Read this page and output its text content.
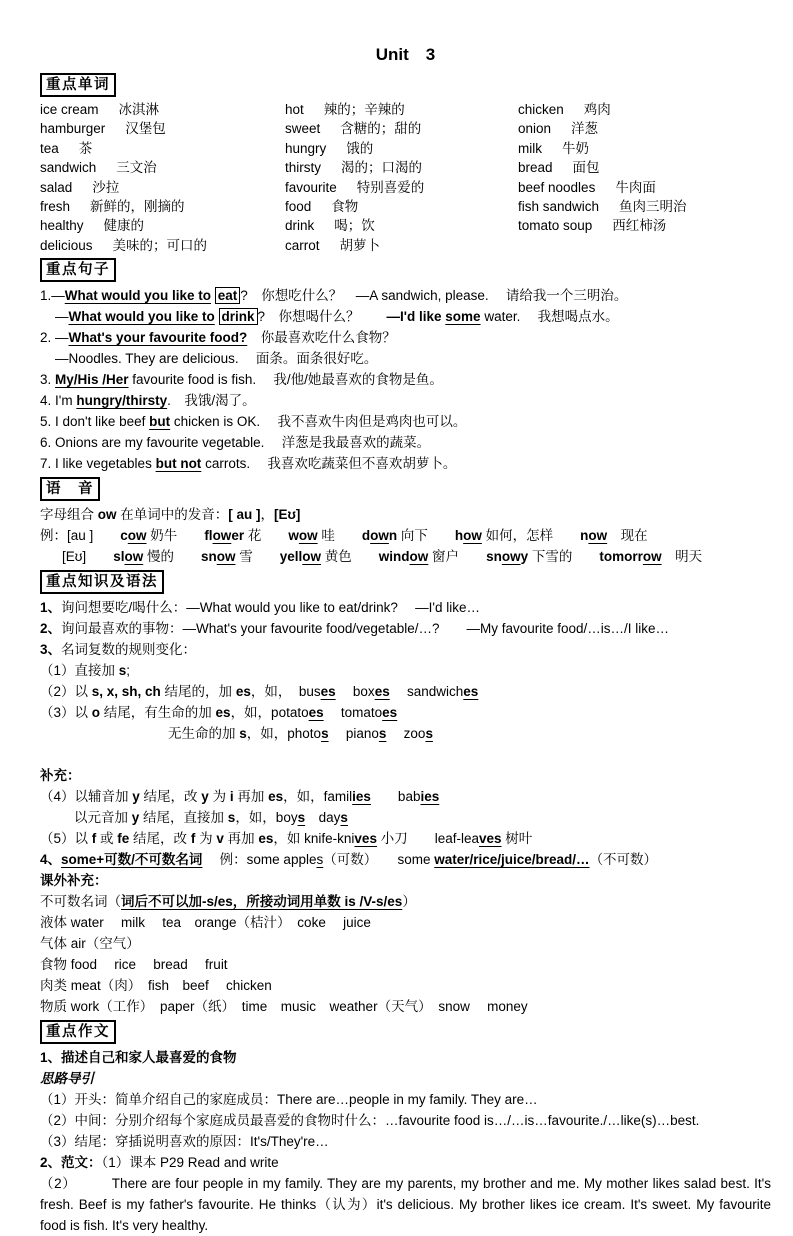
Unit　3
重点单词
ice cream 冰淇淋
hamburger 汉堡包
tea 茶
sandwich 三文治
salad 沙拉
fresh 新鲜的，刚摘的
healthy 健康的
delicious 美味的；可口的
hot 辣的；辛辣的
sweet 含糖的；甜的
hungry 饿的
thirsty 渴的；口渴的
favourite 特别喜爱的
food 食物
drink 喝；饮
carrot 胡萝卜
chicken 鸡肉
onion 洋葱
milk 牛奶
bread 面包
beef noodles 牛肉面
fish sandwich 鱼肉三明治
tomato soup 西红柿汤
重点句子
1.—What would you like to eat ?　你想吃什么？　—A sandwich, please.　 请给我一个三明治。
—What would you like to drink ?　你想喝什么？　　—I'd like some water.　 我想喝点水。
2. —What's your favourite food?　你最喜欢吃什么食物？
—Noodles. They are delicious.　 面条。面条很好吃。
3. My/His /Her favourite food is fish.　 我/他/她最喜欢的食物是鱼。
4. I'm hungry/thirsty.　我饿/渴了。
5. I don't like beef but chicken is OK.　 我不喜欢牛肉但是鸡肉也可以。
6. Onions are my favourite vegetable.　 洋葱是我最喜欢的蔬菜。
7. I like vegetables but not carrots.　 我喜欢吃蔬菜但不喜欢胡萝卜。
语　音
字母组合 ow 在单词中的发音：[ au ]，[Eʊ]
例：[au ]　　cow 奶牛　　flower 花　　wow 哇　　down 向下　　how 如何，怎样　　now　现在
[Eʊ]　　slow 慢的　　snow 雪　　yellow 黄色　　window 窗户　　snowy 下雪的　　tomorrow　明天
重点知识及语法
1、询问想要吃/喝什么：—What would you like to eat/drink?　 —I'd like…
2、询问最喜欢的事物：—What's your favourite food/vegetable/…?　　—My favourite food/…is…/I like…
3、名词复数的规则变化：
（1）直接加 s;
（2）以 s, x, sh, ch 结尾的，加 es，如，  buses　 boxes　 sandwiches
（3）以 o 结尾，有生命的加 es，如，potatoes　 tomatoes
无生命的加 s，如，photos　 pianos　 zoos
补充：
（4）以辅音加 y 结尾，改 y 为 i 再加 es，如，families　　babies
以元音加 y 结尾，直接加 s，如，boys　days
（5）以 f 或 fe 结尾，改 f 为 v 再加 es，如 knife-knives 小刀　　leaf-leaves 树叶
4、some+可数/不可数名词　 例：some apples（可数）　　some water/rice/juice/bread/…（不可数）
课外补充：
不可数名词（词后不可以加-s/es，所接动词用单数 is /V-s/es）
液体 water　 milk　 tea　orange（桔汁）　coke　 juice
气体 air（空气）
食物 food　 rice　 bread　 fruit
肉类 meat（肉）　fish　beef　 chicken
物质 work（工作）　paper（纸）　time　music　weather（天气）　snow　 money
重点作文
1、描述自己和家人最喜爱的食物
思路导引
（1）开头：简单介绍自己的家庭成员：There are…people in my family. They are…
（2）中间：分别介绍每个家庭成员最喜爱的食物时什么：…favourite food is…/…is…favourite./…like(s)…best.
（3）结尾：穿插说明喜欢的原因：It's/They're…
2、范文：（1）课本 P29 Read and write
（2）　　　There are four people in my family. They are my parents, my brother and me. My mother likes salad best. It's fresh. Beef is my father's favourite. He thinks（认为）it's delicious. My brother likes ice cream. It's sweet. My favourite food is fish. It's very healthy.
